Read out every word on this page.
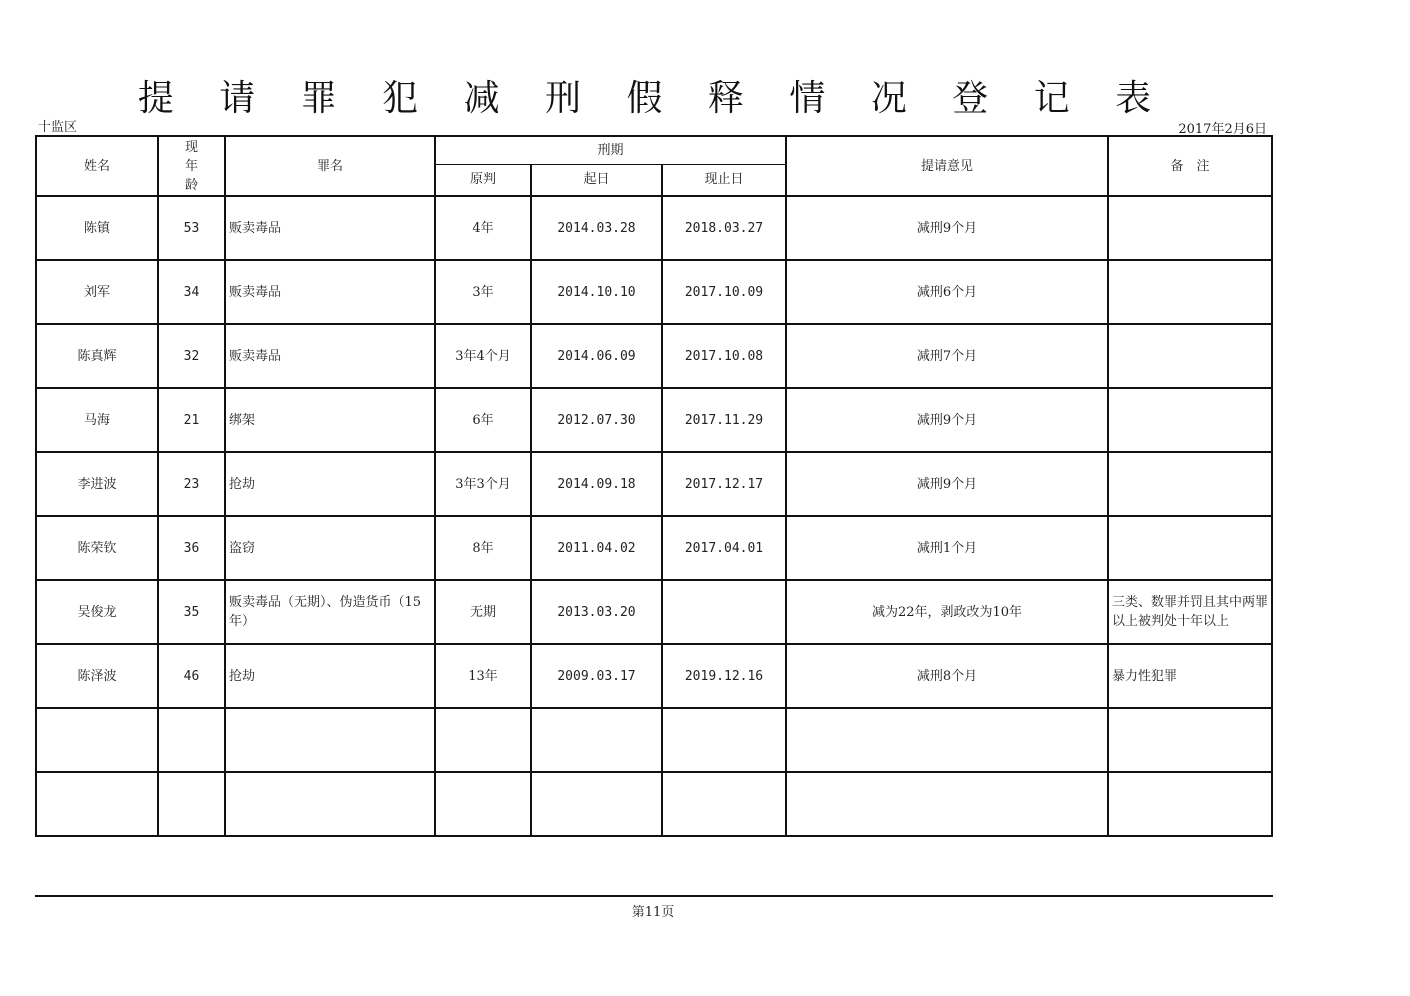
提 请 罪 犯 减 刑 假 释 情 况 登 记 表
十监区	2017年2月6日
姓名	现
年
龄	罪名	刑期			提请意见	备　注
			原判	起日	现止日		
陈镇	53	贩卖毒品	4年	2014.03.28	2018.03.27	减刑9个月	
刘军	34	贩卖毒品	3年	2014.10.10	2017.10.09	减刑6个月	
陈真辉	32	贩卖毒品	3年4个月	2014.06.09	2017.10.08	减刑7个月	
马海	21	绑架	6年	2012.07.30	2017.11.29	减刑9个月	
李进波	23	抢劫	3年3个月	2014.09.18	2017.12.17	减刑9个月	
陈荣钦	36	盗窃	8年	2011.04.02	2017.04.01	减刑1个月	
吴俊龙	35	贩卖毒品（无期）、伪造货币（15年）	无期	2013.03.20		减为22年，剥政改为10年	三类、数罪并罚且其中两罪以上被判处十年以上
陈泽波	46	抢劫	13年	2009.03.17	2019.12.16	减刑8个月	暴力性犯罪

第11页
